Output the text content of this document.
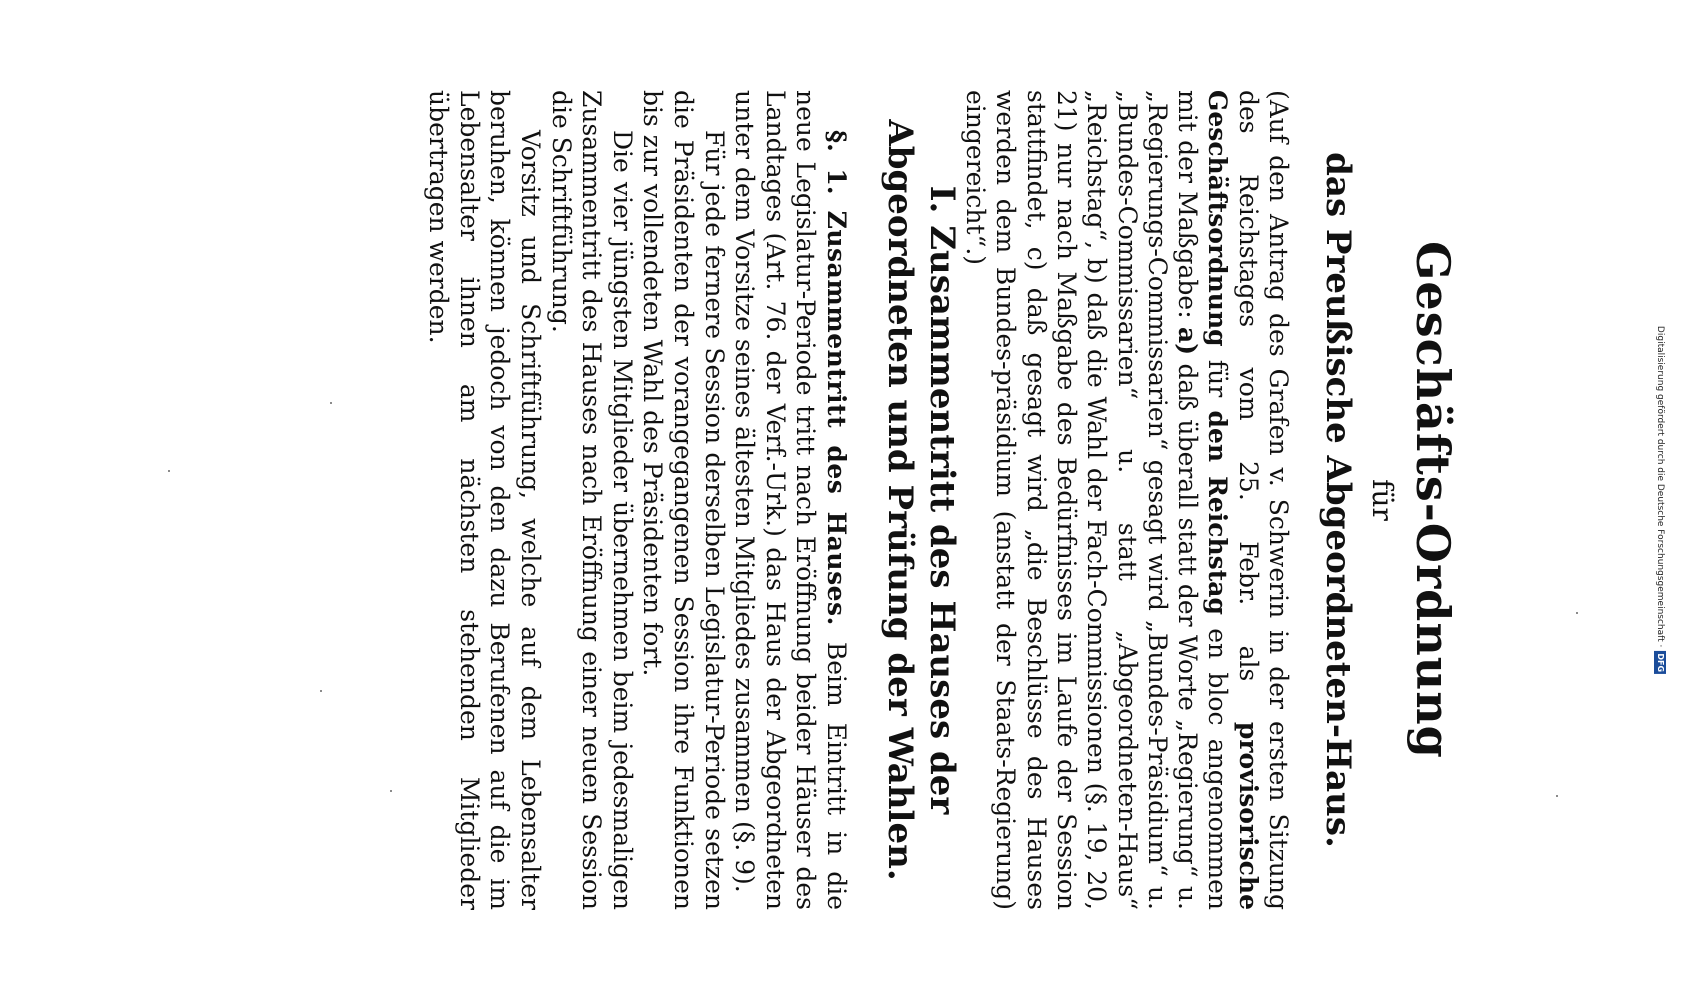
Geschäfts-Ordnung
für
das Preußische Abgeordneten-Haus.
(Auf den Antrag des Grafen v. Schwerin in der ersten Sitzung des Reichstages vom 25. Febr. als provisorische Geschäftsordnung für den Reichstag en bloc angenommen mit der Maßgabe: a) daß überall statt der Worte „Regierung“ u. „Regierungs-Commissarien“ gesagt wird „Bundes-Präsidium“ u. „Bundes-Commissarien“ u. statt „Abgeordneten-Haus“ „Reichstag“, b) daß die Wahl der Fach-Commissionen (§. 19, 20, 21) nur nach Maßgabe des Bedürfnisses im Laufe der Session stattfindet, c) daß gesagt wird „die Beschlüsse des Hauses werden dem Bundes-präsidium (anstatt der Staats-Regierung) eingereicht“.)
I. Zusammentritt des Hauses der Abgeordneten und Prüfung der Wahlen.

§. 1. Zusammentritt des Hauses. Beim Eintritt in die neue Legislatur-Periode tritt nach Eröffnung beider Häuser des Landtages (Art. 76. der Verf.-Urk.) das Haus der Abgeordneten unter dem Vorsitze seines ältesten Mitgliedes zusammen (§. 9).

Für jede fernere Session derselben Legislatur-Periode setzen die Präsidenten der vorangegangenen Session ihre Funktionen bis zur vollendeten Wahl des Präsidenten fort.

Die vier jüngsten Mitglieder übernehmen beim jedesmaligen Zusammentritt des Hauses nach Eröffnung einer neuen Session die Schriftführung.

Vorsitz und Schriftführung, welche auf dem Lebensalter beruhen, können jedoch von den dazu Berufenen auf die im Lebensalter ihnen am nächsten stehenden Mitglieder übertragen werden.

Digitalisierung gefördert durch die Deutsche Forschungsgemeinschaft ·
DFG
